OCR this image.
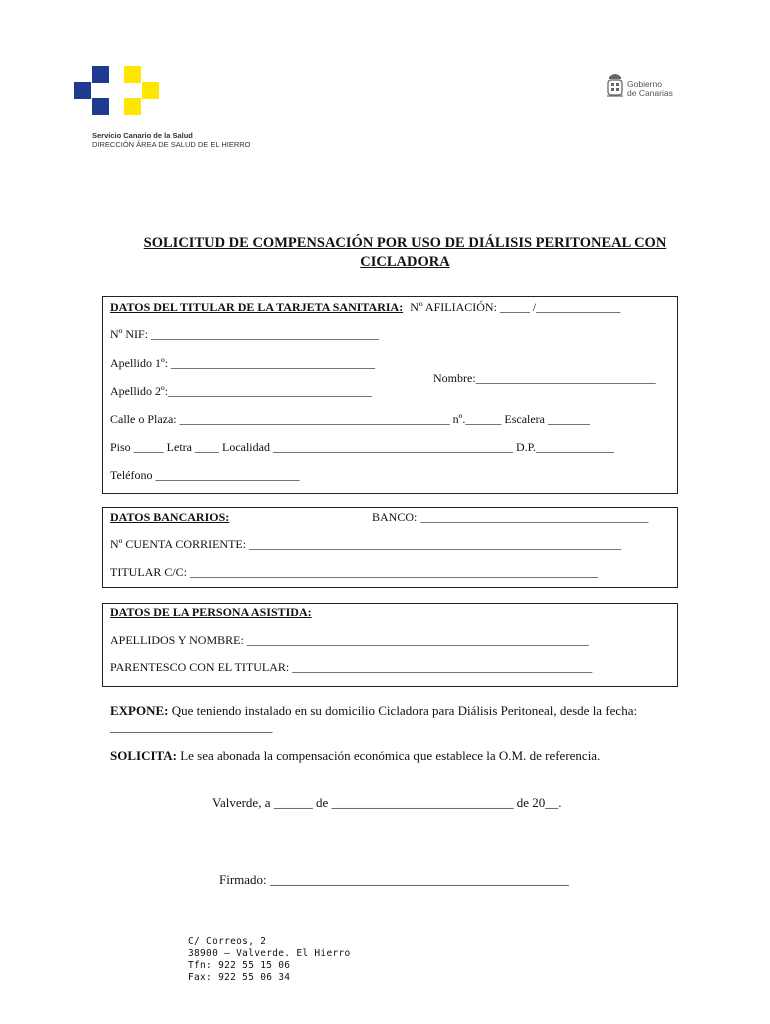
Servicio Canario de la Salud
DIRECCIÓN ÁREA DE SALUD DE EL HIERRO
Gobierno
de Canarias
SOLICITUD DE COMPENSACIÓN POR USO DE DIÁLISIS PERITONEAL CON
CICLADORA
DATOS DEL TITULAR DE LA TARJETA SANITARIA: Nº AFILIACIÓN: _____ /______________
Nº NIF: ______________________________________
Apellido 1º: __________________________________
Nombre:______________________________
Apellido 2º:__________________________________
Calle o Plaza: _____________________________________________ nº.______ Escalera _______
Piso _____ Letra ____ Localidad ________________________________________ D.P._____________
Teléfono ________________________
DATOS BANCARIOS:	BANCO: ______________________________________
Nº CUENTA CORRIENTE: ______________________________________________________________
TITULAR C/C: ____________________________________________________________________
DATOS DE LA PERSONA ASISTIDA:
APELLIDOS Y NOMBRE: _________________________________________________________
PARENTESCO CON EL TITULAR: __________________________________________________
EXPONE: Que teniendo instalado en su domicilio Cicladora para Diálisis Peritoneal, desde la fecha:
_________________________
SOLICITA: Le sea abonada la compensación económica que establece la O.M. de referencia.
Valverde, a ______ de ____________________________ de 20__.
Firmado: ______________________________________________
C/ Correos, 2
38900 – Valverde. El Hierro
Tfn: 922 55 15 06
Fax: 922 55 06 34
